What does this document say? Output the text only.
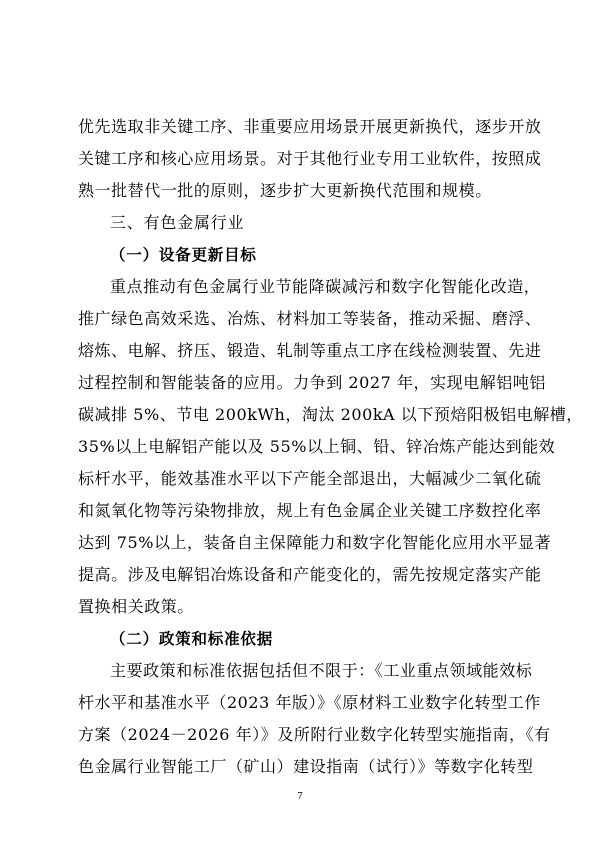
优先选取非关键工序、非重要应用场景开展更新换代，逐步开放
关键工序和核心应用场景。对于其他行业专用工业软件，按照成
熟一批替代一批的原则，逐步扩大更新换代范围和规模。
三、有色金属行业
（一）设备更新目标
重点推动有色金属行业节能降碳减污和数字化智能化改造，
推广绿色高效采选、冶炼、材料加工等装备，推动采掘、磨浮、
熔炼、电解、挤压、锻造、轧制等重点工序在线检测装置、先进
过程控制和智能装备的应用。力争到 2027 年，实现电解铝吨铝
碳减排 5%、节电 200kWh，淘汰 200kA 以下预焙阳极铝电解槽，
35%以上电解铝产能以及 55%以上铜、铅、锌冶炼产能达到能效
标杆水平，能效基准水平以下产能全部退出，大幅减少二氧化硫
和氮氧化物等污染物排放，规上有色金属企业关键工序数控化率
达到 75%以上，装备自主保障能力和数字化智能化应用水平显著
提高。涉及电解铝冶炼设备和产能变化的，需先按规定落实产能
置换相关政策。
（二）政策和标准依据
主要政策和标准依据包括但不限于：《工业重点领域能效标
杆水平和基准水平（2023 年版）》《原材料工业数字化转型工作
方案（2024－2026 年）》及所附行业数字化转型实施指南，《有
色金属行业智能工厂（矿山）建设指南（试行）》等数字化转型
7
